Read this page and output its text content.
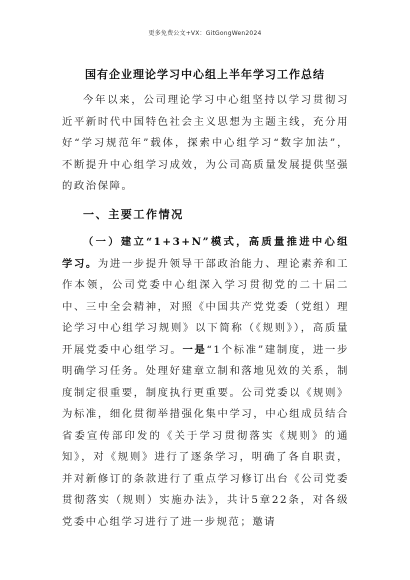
更多免费公文+VX：GitGongWen2024
国有企业理论学习中心组上半年学习工作总结

今年以来，公司理论学习中心组坚持以学习贯彻习近平新时代中国特色社会主义思想为主题主线，充分用好“学习规范年”载体，探索中心组学习“数字加法”，不断提升中心组学习成效，为公司高质量发展提供坚强的政治保障。

一、主要工作情况

（一）建立“1+3+N”模式，高质量推进中心组学习。为进一步提升领导干部政治能力、理论素养和工作本领，公司党委中心组深入学习贯彻党的二十届二中、三中全会精神，对照《中国共产党党委（党组）理论学习中心组学习规则》以下简称（《规则》），高质量开展党委中心组学习。一是“1个标准”建制度，进一步明确学习任务。处理好建章立制和落地见效的关系，制度制定很重要，制度执行更重要。公司党委以《规则》为标准，细化贯彻举措强化集中学习，中心组成员结合省委宣传部印发的《关于学习贯彻落实《规则》的通知》，对《规则》进行了逐条学习，明确了各自职责，并对新修订的条款进行了重点学习修订出台《公司党委贯彻落实（规则）实施办法》，共计5章22条，对各级党委中心组学习进行了进一步规范；邀请
